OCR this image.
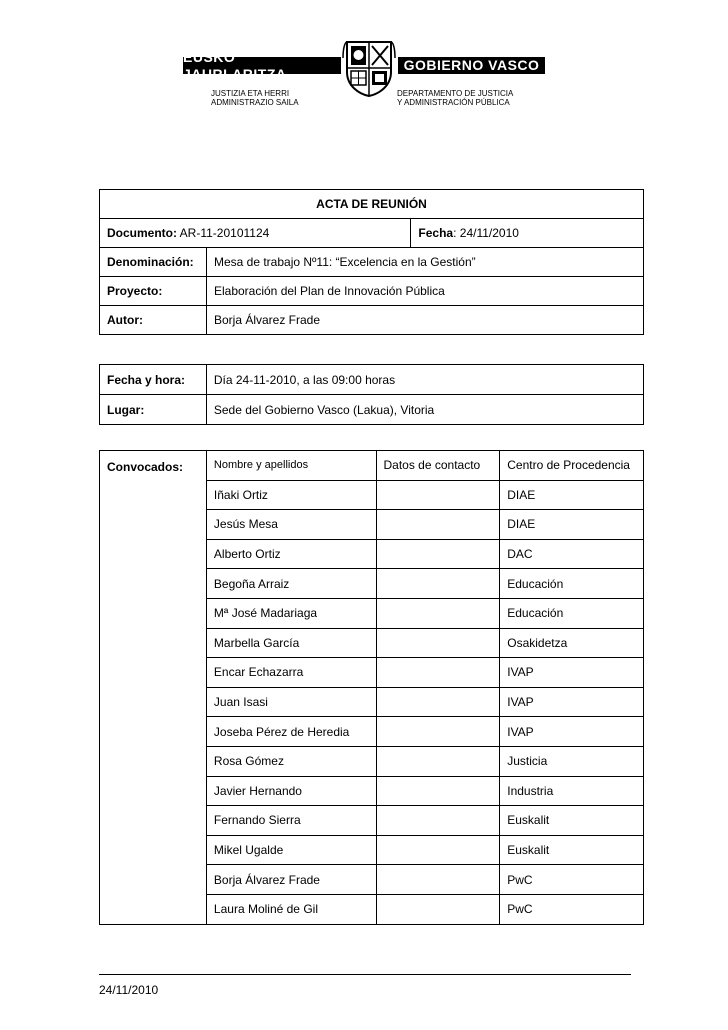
EUSKO JAURLARITZA
GOBIERNO VASCO
JUSTIZIA ETA HERRI
ADMINISTRAZIO SAILA
DEPARTAMENTO DE JUSTICIA
Y ADMINISTRACIÓN PÚBLICA
ACTA DE REUNIÓN		
Documento: AR-11-20101124		Fecha: 24/11/2010
Denominación:	Mesa de trabajo Nº11: “Excelencia en la Gestión”	
Proyecto:	Elaboración del Plan de Innovación Pública	
Autor:	Borja Álvarez Frade	
Fecha y hora:	Día 24-11-2010, a las 09:00 horas
Lugar:	Sede del Gobierno Vasco (Lakua), Vitoria
Convocados:	Nombre y apellidos	Datos de contacto	Centro de Procedencia
	Iñaki Ortiz		DIAE
	Jesús Mesa		DIAE
	Alberto Ortiz		DAC
	Begoña Arraiz		Educación
	Mª José Madariaga		Educación
	Marbella García		Osakidetza
	Encar Echazarra		IVAP
	Juan Isasi		IVAP
	Joseba Pérez de Heredia		IVAP
	Rosa Gómez		Justicia
	Javier Hernando		Industria
	Fernando Sierra		Euskalit
	Mikel Ugalde		Euskalit
	Borja Álvarez Frade		PwC
	Laura Moliné de Gil		PwC
24/11/2010
